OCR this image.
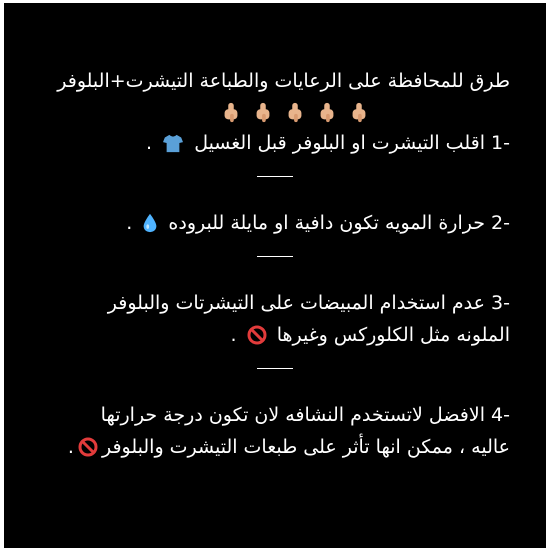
طرق للمحافظة على الرعايات والطباعة التيشرت+البلوفر
-1 اقلب التيشرت او البلوفر قبل الغسيل  .
-2 حرارة المويه تكون دافية او مايلة للبروده  .
-3 عدم استخدام المبيضات على التيشرتات والبلوفر
الملونه مثل الكلوركس وغيرها  .
-4 الافضل لاتستخدم النشافه لان تكون درجة حرارتها
عاليه ، ممكن انها تأثر على طبعات التيشرت والبلوفر.
